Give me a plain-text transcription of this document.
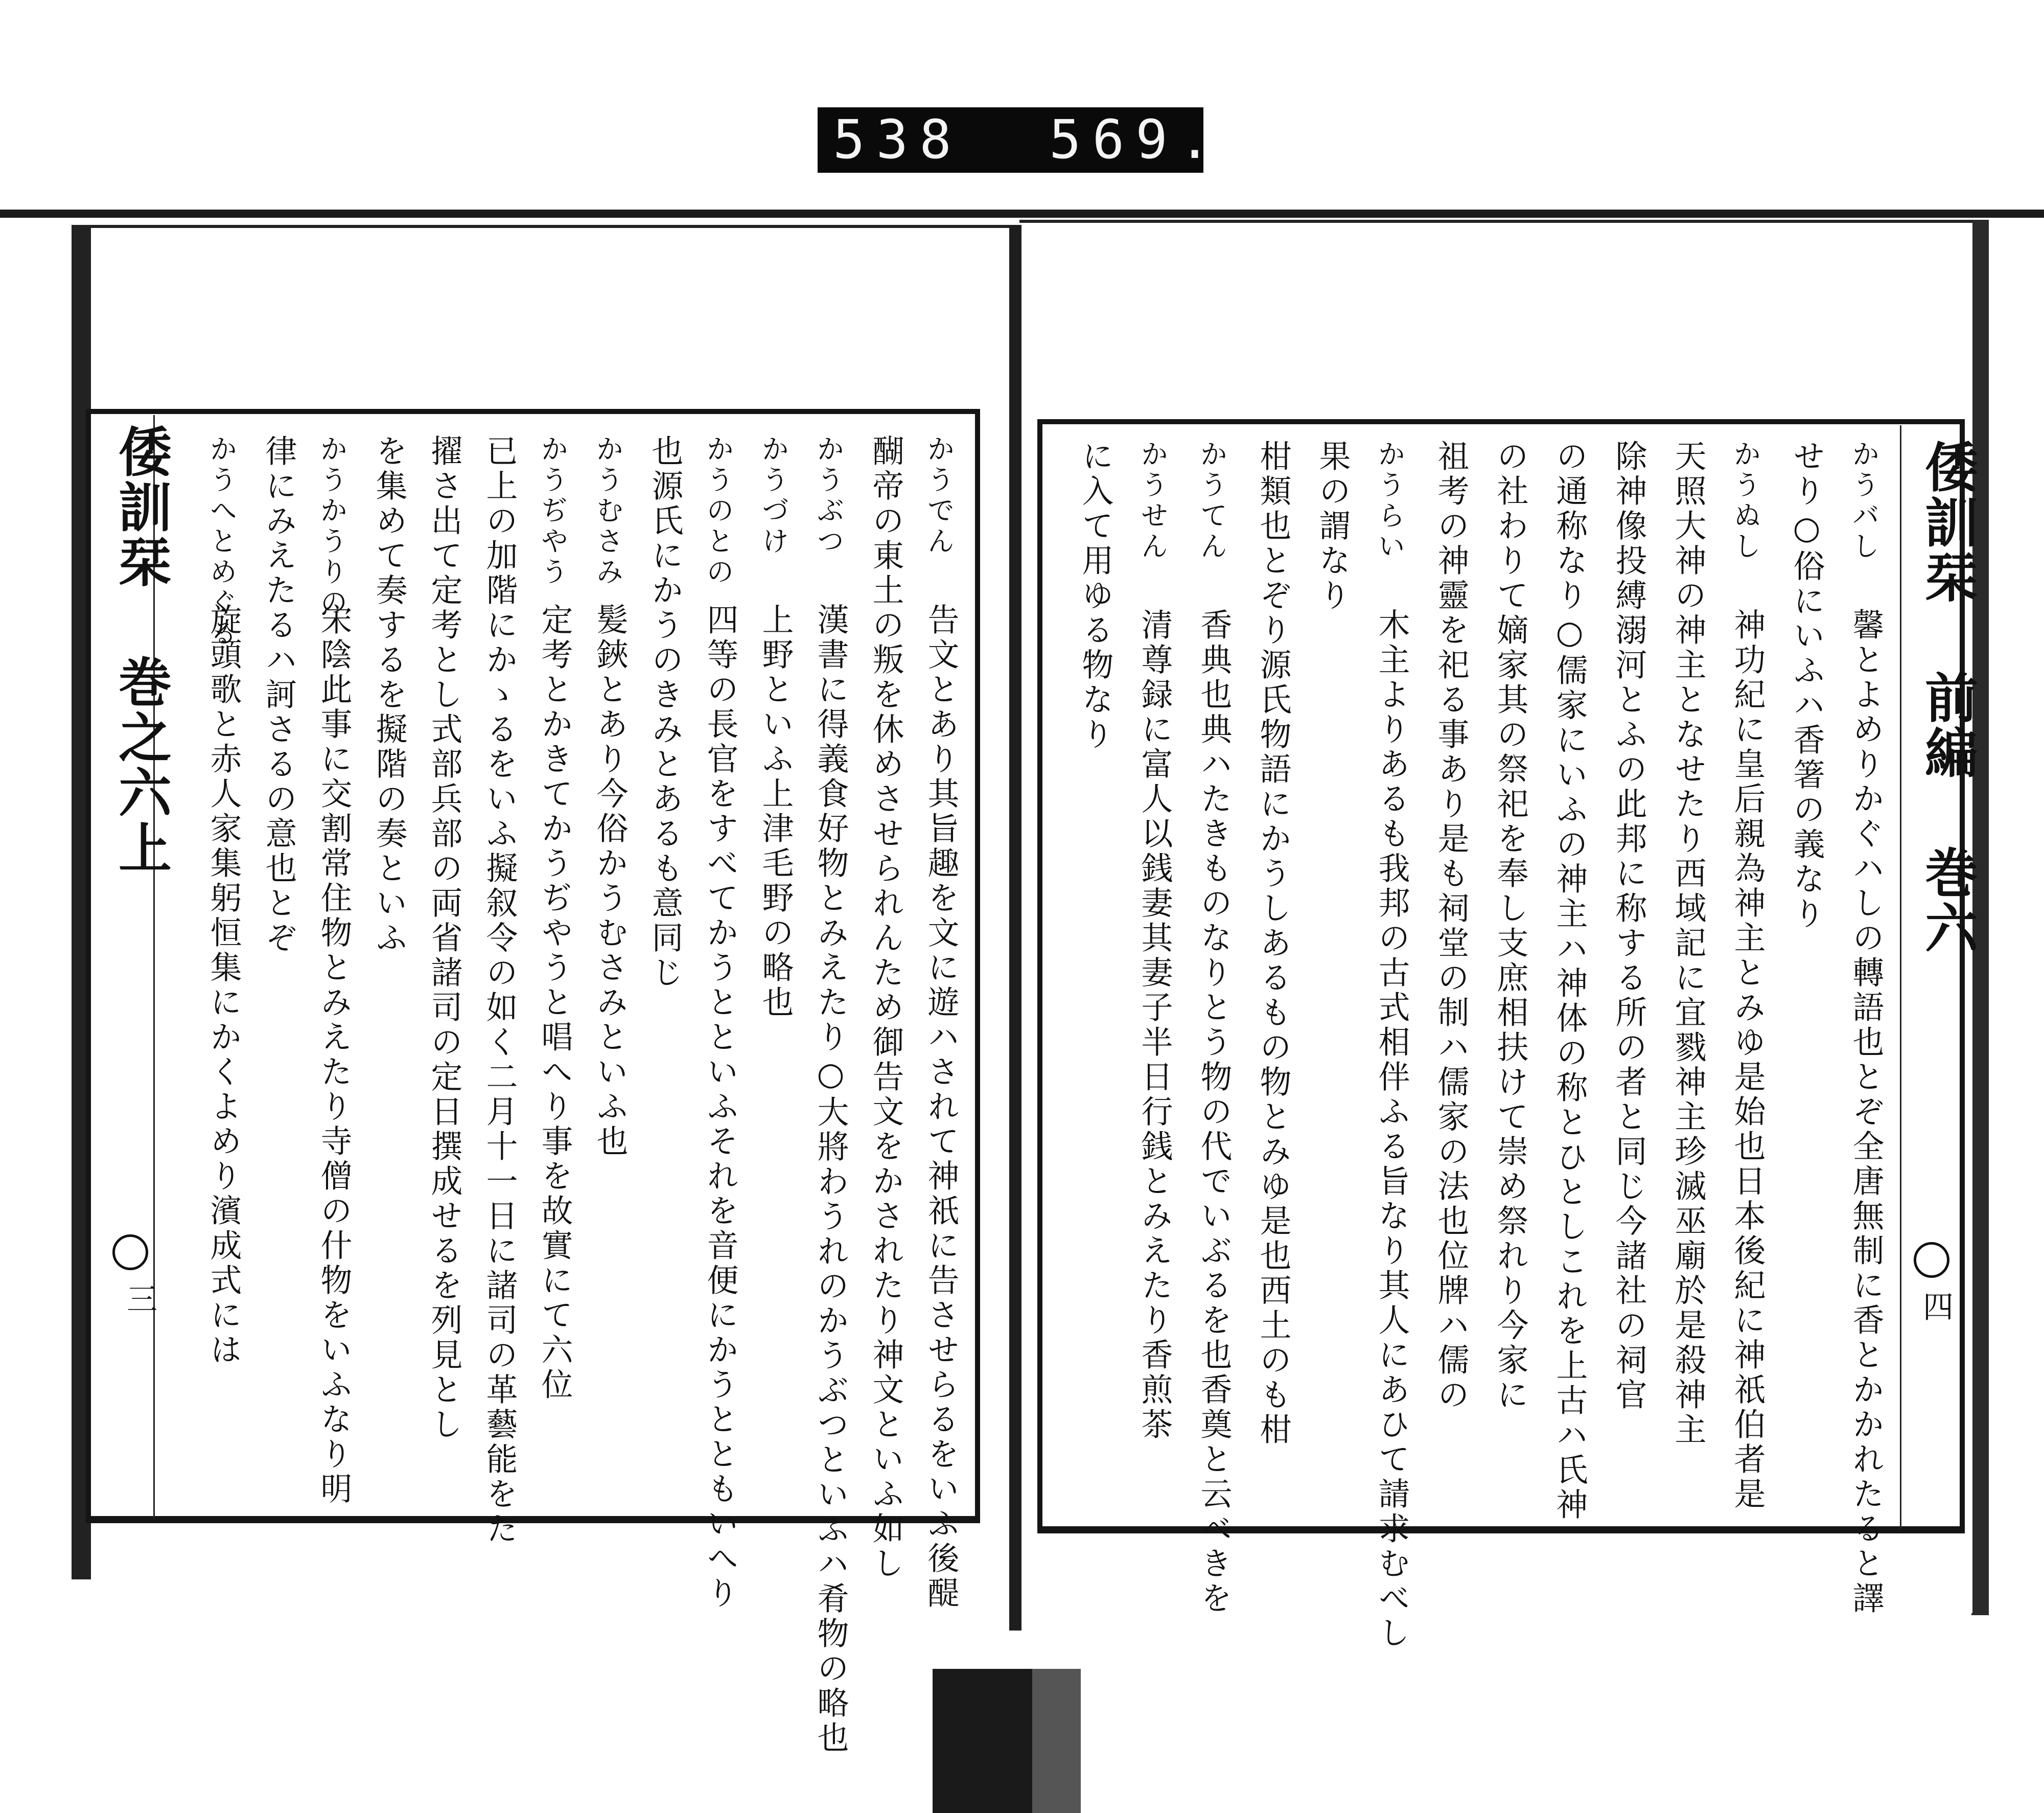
538  569.
倭訓栞 巻之六上
三
かうでん
告文とあり其旨趣を文に遊ハされて神祇に告させらるをいふ後醍
醐帝の東土の叛を休めさせられんため御告文をかされたり神文といふ如し
かうぶつ
漢書に得義食好物とみえたり○大將わうれのかうぶつといふハ肴物の略也
かうづけ
上野といふ上津毛野の略也
かうのとの
四等の長官をすべてかうとといふそれを音便にかうとともいへり
也源氏にかうのきみとあるも意同じ
かうむさみ
髪鋏とあり今俗かうむさみといふ也
かうぢやう
定考とかきてかうぢやうと唱へり事を故實にて六位
已上の加階にかゝるをいふ擬叙令の如く二月十一日に諸司の革藝能をた
擢さ出て定考とし式部兵部の両省諸司の定日撰成せるを列見とし
を集めて奏するを擬階の奏といふ
かうかうりの
宋陰此事に交割常住物とみえたり寺僧の什物をいふなり明
律にみえたるハ訶さるの意也とぞ
かうへとめぐる
旋頭歌と赤人家集躬恒集にかくよめり濱成式には	倭訓栞 前編 巻六
四
かうバし
馨とよめりかぐハしの轉語也とぞ全唐無制に香とかかれたると譯
せり○俗にいふハ香箸の義なり
かうぬし
神功紀に皇后親為神主とみゆ是始也日本後紀に神祇伯者是
天照大神の神主となせたり西域記に宜戮神主珍滅巫廟於是殺神主
除神像投縛溺河とふの此邦に称する所の者と同じ今諸社の祠官
の通称なり○儒家にいふの神主ハ神体の称とひとしこれを上古ハ氏神
の社わりて嫡家其の祭祀を奉し支庶相扶けて崇め祭れり今家に
祖考の神靈を祀る事あり是も祠堂の制ハ儒家の法也位牌ハ儒の
かうらい
木主よりあるも我邦の古式相伴ふる旨なり其人にあひて請求むべし
果の謂なり
柑類也とぞり源氏物語にかうしあるもの物とみゆ是也西土のも柑
かうてん
香典也典ハたきものなりとう物の代でいぶるを也香奠と云べきを
かうせん
清尊録に富人以銭妻其妻子半日行銭とみえたり香煎茶
に入て用ゆる物なり
